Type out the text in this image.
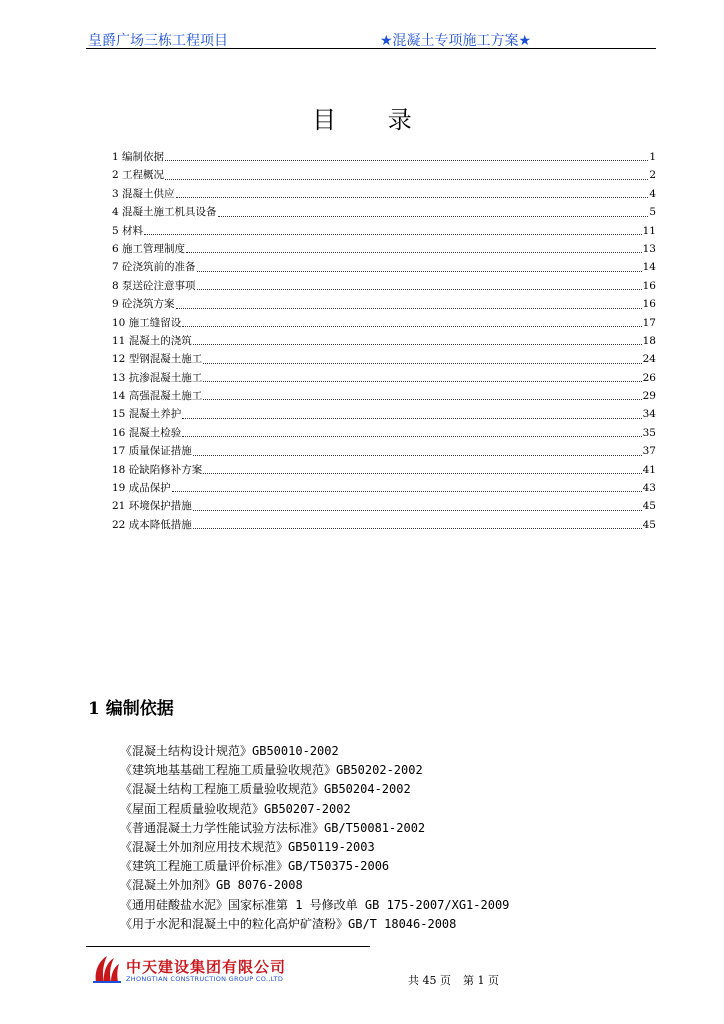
皇爵广场三栋工程项目	★混凝土专项施工方案★
目 录
1 编制依据	1
2 工程概况	2
3 混凝土供应	4
4 混凝土施工机具设备	5
5 材料	11
6 施工管理制度	13
7 砼浇筑前的准备	14
8 泵送砼注意事项	16
9 砼浇筑方案	16
10 施工缝留设	17
11 混凝土的浇筑	18
12 型钢混凝土施工	24
13 抗渗混凝土施工	26
14 高强混凝土施工	29
15 混凝土养护	34
16 混凝土检验	35
17 质量保证措施	37
18 砼缺陷修补方案	41
19 成品保护	43
21 环境保护措施	45
22 成本降低措施	45
1 编制依据
《混凝土结构设计规范》GB50010-2002
《建筑地基基础工程施工质量验收规范》GB50202-2002
《混凝土结构工程施工质量验收规范》GB50204-2002
《屋面工程质量验收规范》GB50207-2002
《普通混凝土力学性能试验方法标准》GB/T50081-2002
《混凝土外加剂应用技术规范》GB50119-2003
《建筑工程施工质量评价标准》GB/T50375-2006
《混凝土外加剂》GB 8076-2008
《通用硅酸盐水泥》国家标准第 1 号修改单 GB 175-2007/XG1-2009
《用于水泥和混凝土中的粒化高炉矿渣粉》GB/T 18046-2008
中天建设集团有限公司
ZHONGTIAN CONSTRUCTION GROUP CO.,LTD	共 45 页 第 1 页
